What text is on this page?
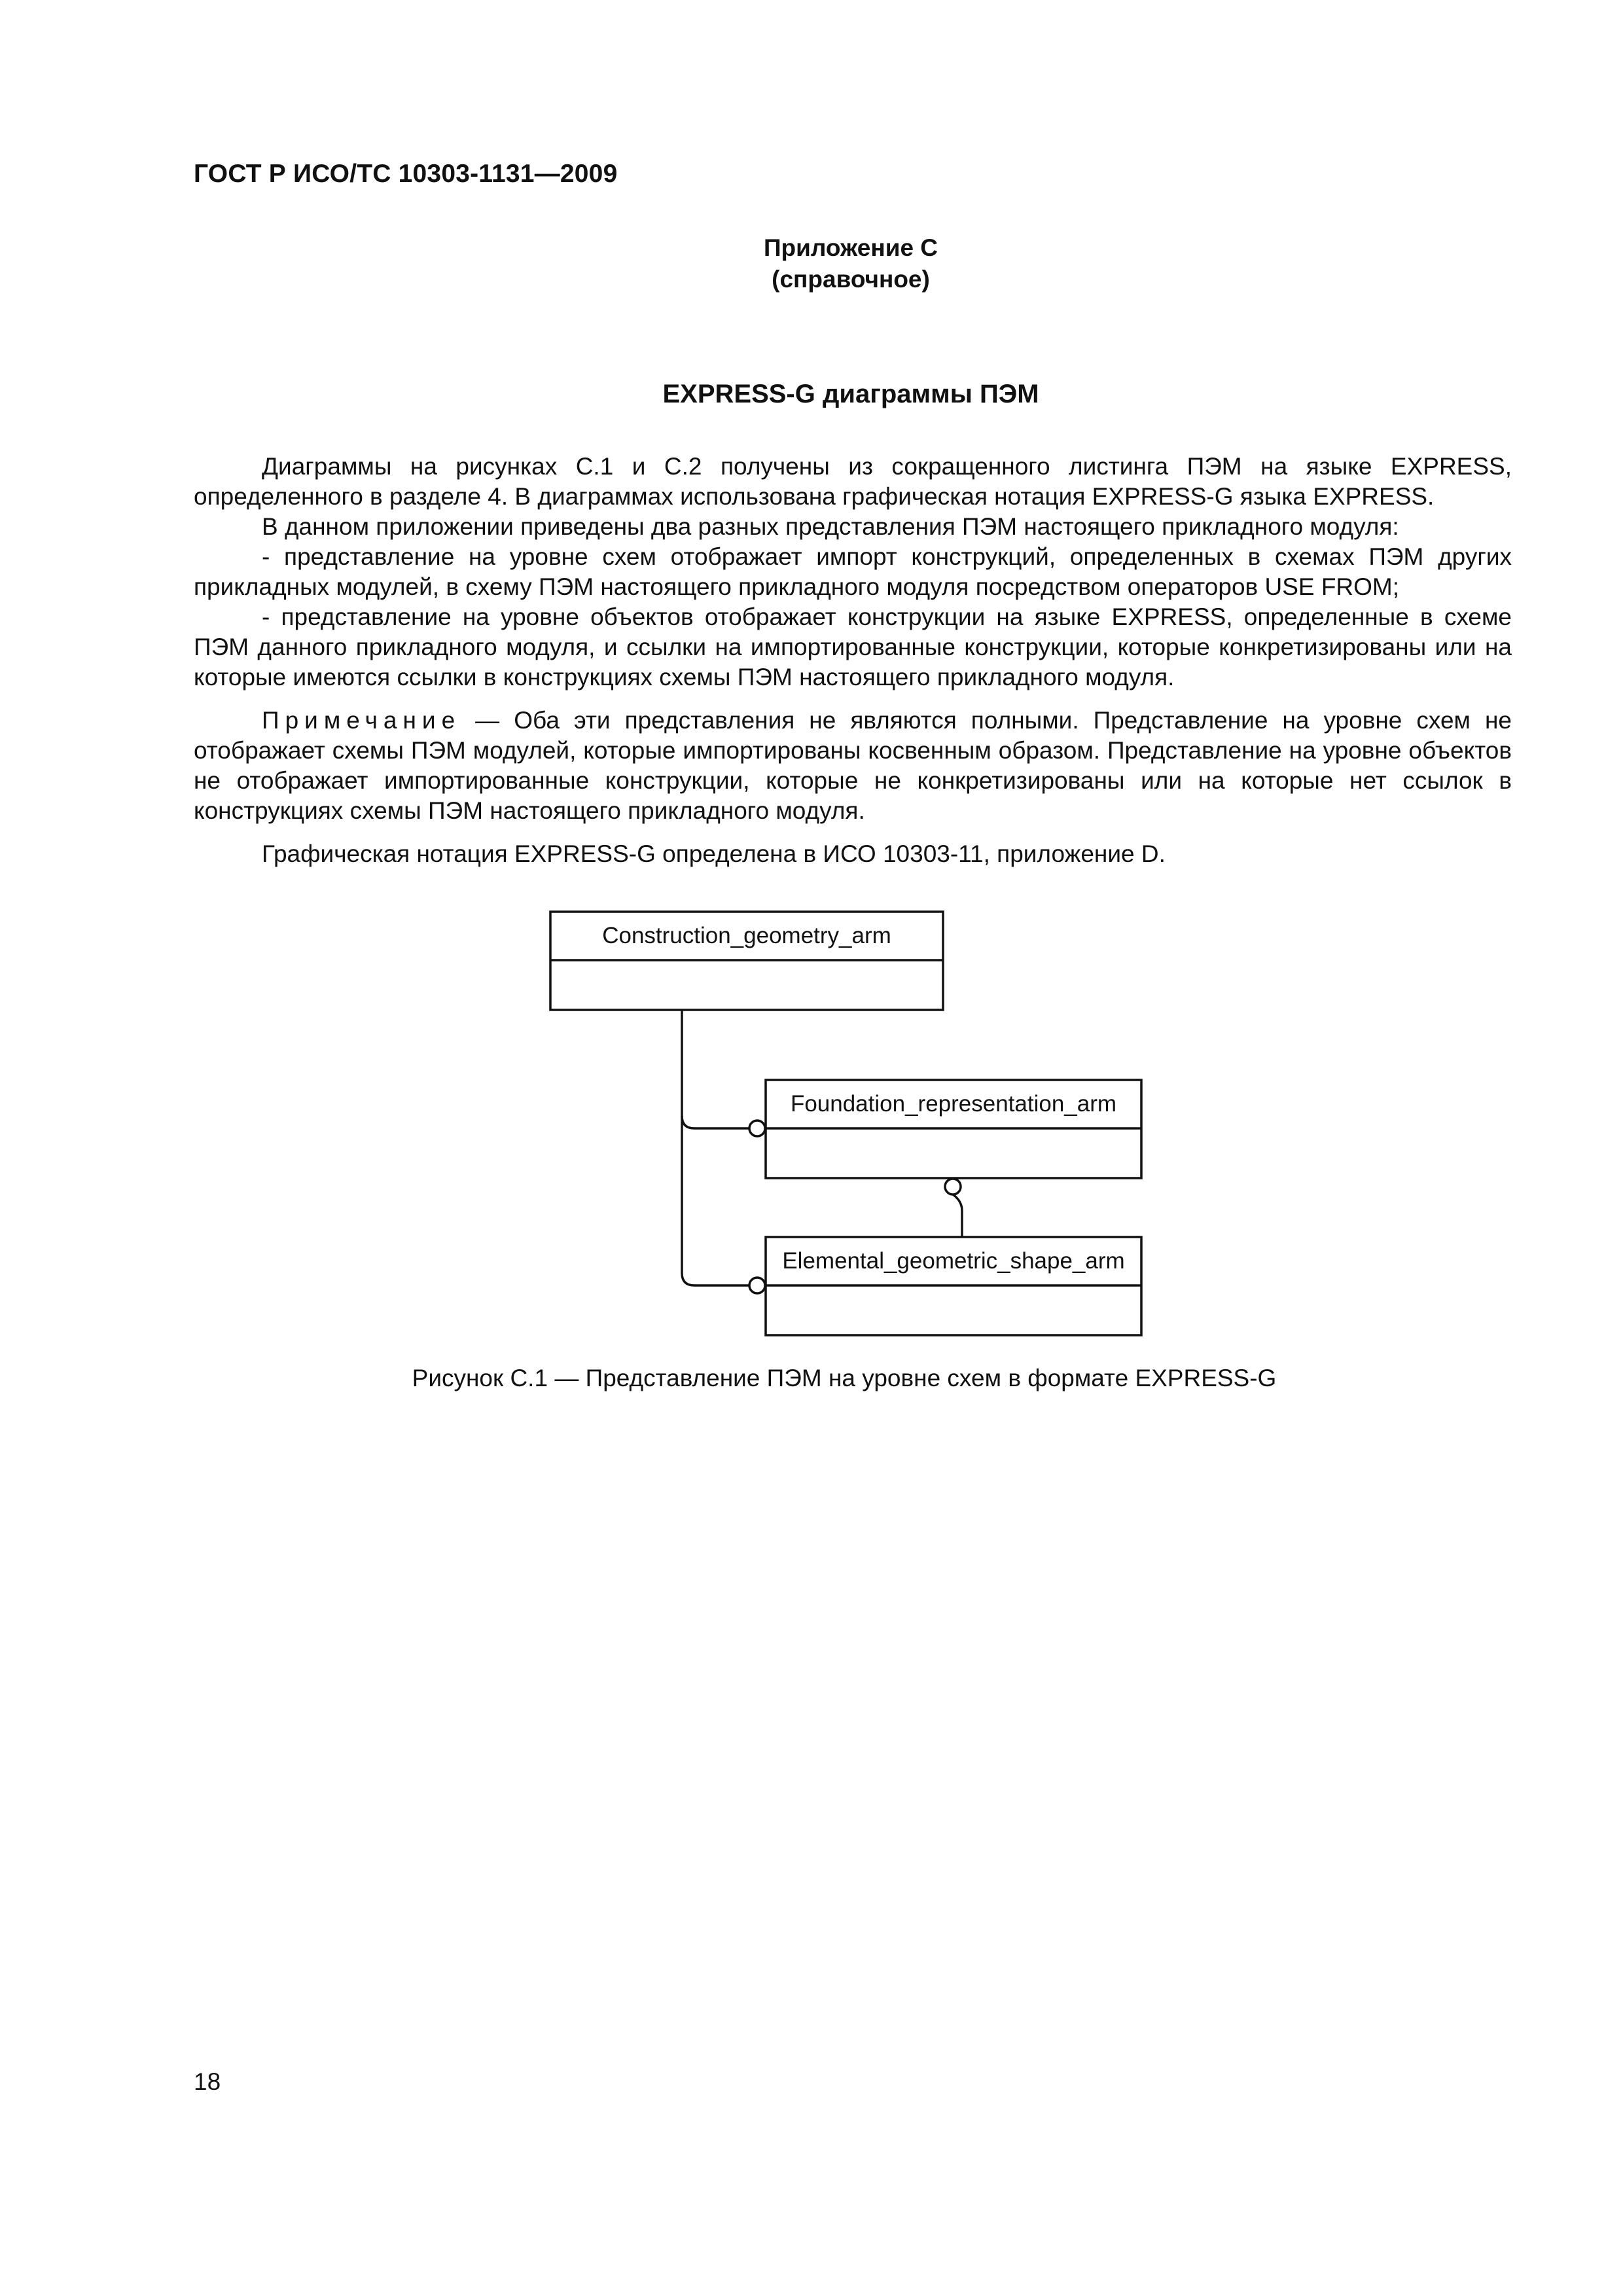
ГОСТ Р ИСО/ТС 10303-1131—2009
Приложение С
(справочное)
EXPRESS-G диаграммы ПЭМ

Диаграммы на рисунках С.1 и С.2 получены из сокращенного листинга ПЭМ на языке EXPRESS, определенного в разделе 4. В диаграммах использована графическая нотация EXPRESS-G языка EXPRESS.

В данном приложении приведены два разных представления ПЭМ настоящего прикладного модуля:

- представление на уровне схем отображает импорт конструкций, определенных в схемах ПЭМ других прикладных модулей, в схему ПЭМ настоящего прикладного модуля посредством операторов USE FROM;

- представление на уровне объектов отображает конструкции на языке EXPRESS, определенные в схеме ПЭМ данного прикладного модуля, и ссылки на импортированные конструкции, которые конкретизированы или на которые имеются ссылки в конструкциях схемы ПЭМ настоящего прикладного модуля.

Примечание — Оба эти представления не являются полными. Представление на уровне схем не отображает схемы ПЭМ модулей, которые импортированы косвенным образом. Представление на уровне объектов не отображает импортированные конструкции, которые не конкретизированы или на которые нет ссылок в конструкциях схемы ПЭМ настоящего прикладного модуля.

Графическая нотация EXPRESS-G определена в ИСО 10303-11, приложение D.

Construction_geometry_arm
Foundation_representation_arm
Elemental_geometric_shape_arm

Рисунок С.1 — Представление ПЭМ на уровне схем в формате EXPRESS-G

18
